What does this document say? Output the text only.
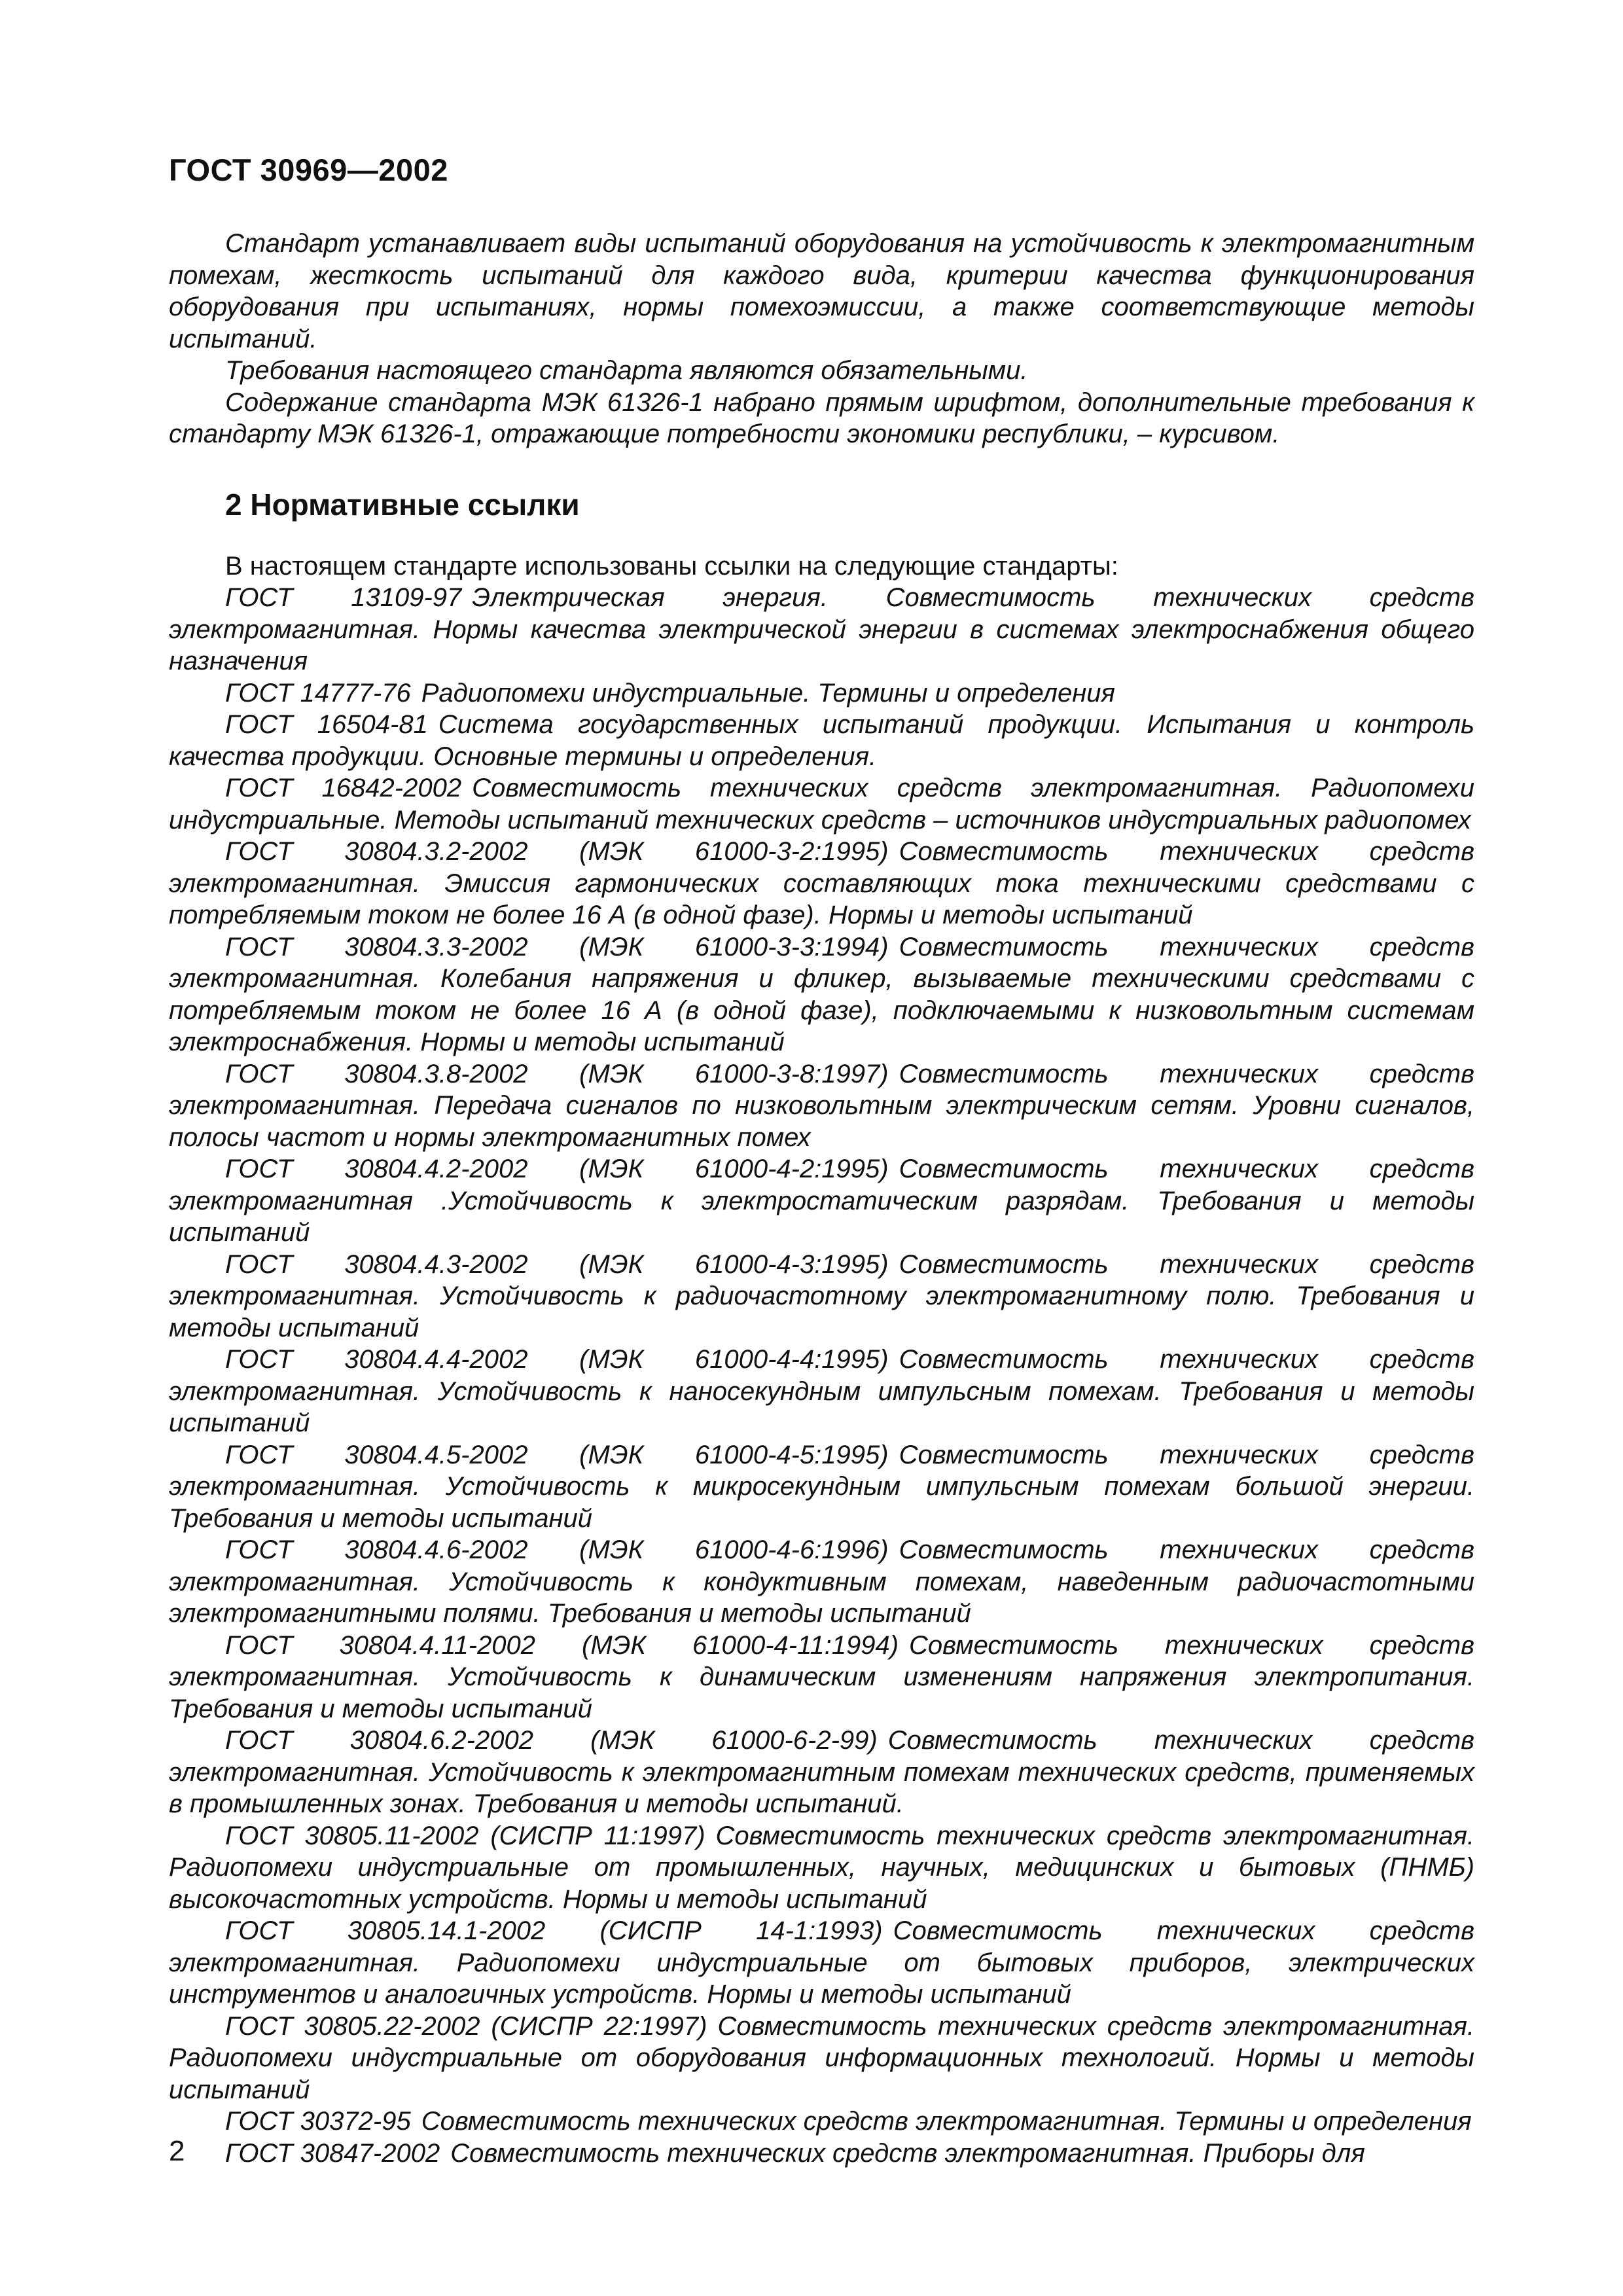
ГОСТ 30969—2002

Стандарт устанавливает виды испытаний оборудования на устойчивость к электромагнитным помехам, жесткость испытаний для каждого вида, критерии качества функционирования оборудования при испытаниях, нормы помехоэмиссии, а также соответствующие методы испытаний.

Требования настоящего стандарта являются обязательными.

Содержание стандарта МЭК 61326-1 набрано прямым шрифтом, дополнительные требования к стандарту МЭК 61326-1, отражающие потребности экономики республики, – курсивом.

2 Нормативные ссылки

В настоящем стандарте использованы ссылки на следующие стандарты:

ГОСТ 13109-97 Электрическая энергия. Совместимость технических средств электромагнитная. Нормы качества электрической энергии в системах электроснабжения общего назначения

ГОСТ 14777-76 Радиопомехи индустриальные. Термины и определения

ГОСТ 16504-81 Система государственных испытаний продукции. Испытания и контроль качества продукции. Основные термины и определения.

ГОСТ 16842-2002 Совместимость технических средств электромагнитная. Радиопомехи индустриальные. Методы испытаний технических средств – источников индустриальных радиопомех

ГОСТ 30804.3.2-2002 (МЭК 61000-3-2:1995) Совместимость технических средств электромагнитная. Эмиссия гармонических составляющих тока техническими средствами с потребляемым током не более 16 А (в одной фазе). Нормы и методы испытаний

ГОСТ 30804.3.3-2002 (МЭК 61000-3-3:1994) Совместимость технических средств электромагнитная. Колебания напряжения и фликер, вызываемые техническими средствами с потребляемым током не более 16 А (в одной фазе), подключаемыми к низковольтным системам электроснабжения. Нормы и методы испытаний

ГОСТ 30804.3.8-2002 (МЭК 61000-3-8:1997) Совместимость технических средств электромагнитная. Передача сигналов по низковольтным электрическим сетям. Уровни сигналов, полосы частот и нормы электромагнитных помех

ГОСТ 30804.4.2-2002 (МЭК 61000-4-2:1995) Совместимость технических средств электромагнитная .Устойчивость к электростатическим разрядам. Требования и методы испытаний

ГОСТ 30804.4.3-2002 (МЭК 61000-4-3:1995) Совместимость технических средств электромагнитная. Устойчивость к радиочастотному электромагнитному полю. Требования и методы испытаний

ГОСТ 30804.4.4-2002 (МЭК 61000-4-4:1995) Совместимость технических средств электромагнитная. Устойчивость к наносекундным импульсным помехам. Требования и методы испытаний

ГОСТ 30804.4.5-2002 (МЭК 61000-4-5:1995) Совместимость технических средств электромагнитная. Устойчивость к микросекундным импульсным помехам большой энергии. Требования и методы испытаний

ГОСТ 30804.4.6-2002 (МЭК 61000-4-6:1996) Совместимость технических средств электромагнитная. Устойчивость к кондуктивным помехам, наведенным радиочастотными электромагнитными полями. Требования и методы испытаний

ГОСТ 30804.4.11-2002 (МЭК 61000-4-11:1994) Совместимость технических средств электромагнитная. Устойчивость к динамическим изменениям напряжения электропитания. Требования и методы испытаний

ГОСТ 30804.6.2-2002 (МЭК 61000-6-2-99) Совместимость технических средств электромагнитная. Устойчивость к электромагнитным помехам технических средств, применяемых в промышленных зонах. Требования и методы испытаний.

ГОСТ 30805.11-2002 (СИСПР 11:1997) Совместимость технических средств электромагнитная. Радиопомехи индустриальные от промышленных, научных, медицинских и бытовых (ПНМБ) высокочастотных устройств. Нормы и методы испытаний

ГОСТ 30805.14.1-2002 (СИСПР 14-1:1993) Совместимость технических средств электромагнитная. Радиопомехи индустриальные от бытовых приборов, электрических инструментов и аналогичных устройств. Нормы и методы испытаний

ГОСТ 30805.22-2002 (СИСПР 22:1997) Совместимость технических средств электромагнитная. Радиопомехи индустриальные от оборудования информационных технологий. Нормы и методы испытаний

ГОСТ 30372-95 Совместимость технических средств электромагнитная. Термины и определения

ГОСТ 30847-2002 Совместимость технических средств электромагнитная. Приборы для

2
